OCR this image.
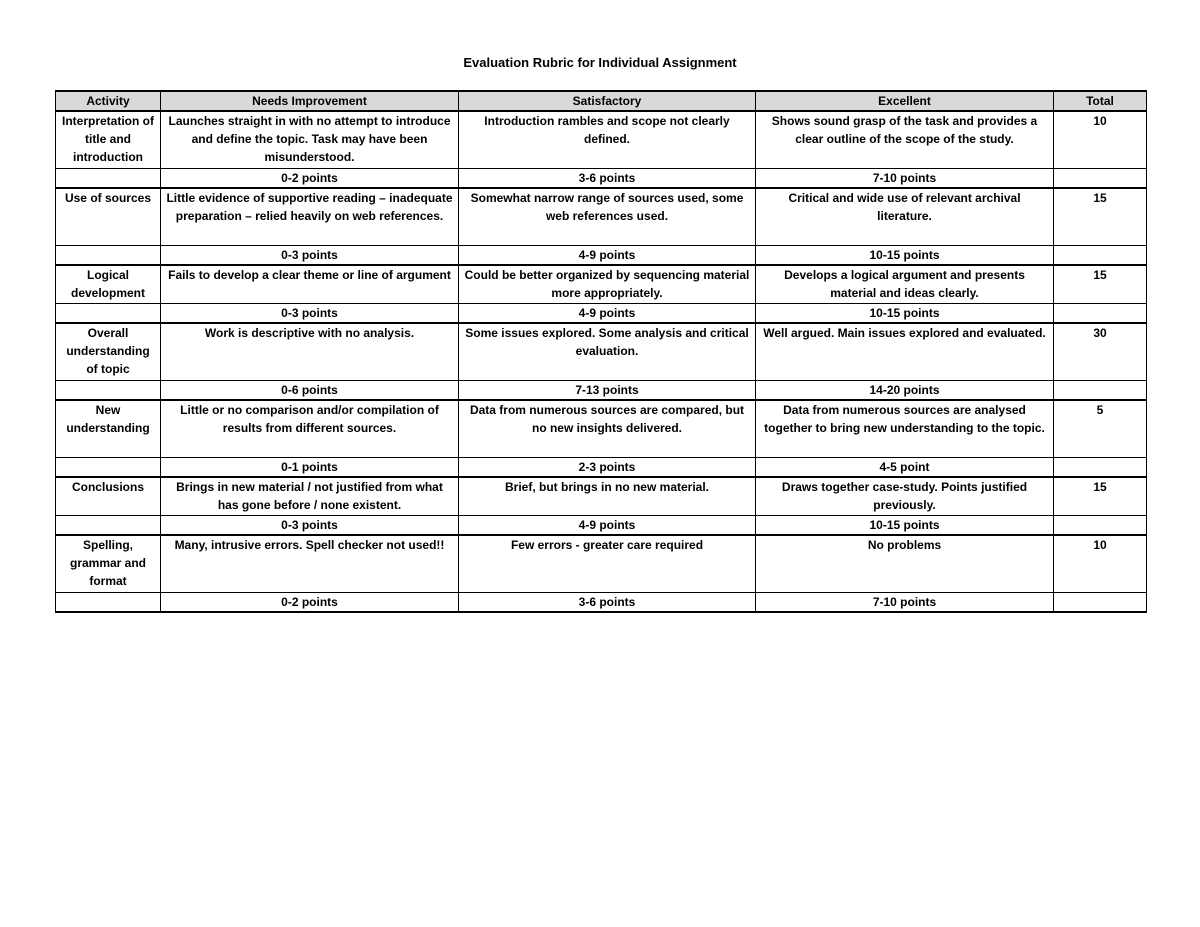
Evaluation Rubric for Individual Assignment
Activity	Needs Improvement	Satisfactory	Excellent	Total
Interpretation of title and introduction	Launches straight in with no attempt to introduce and define the topic. Task may have been misunderstood.	Introduction rambles and scope not clearly defined.	Shows sound grasp of the task and provides a clear outline of the scope of the study.	10
	0-2 points	3-6 points	7-10 points	
Use of sources	Little evidence of supportive reading – inadequate preparation – relied heavily on web references.	Somewhat narrow range of sources used, some web references used.	Critical and wide use of relevant archival literature.	15
	0-3 points	4-9 points	10-15 points	
Logical development	Fails to develop a clear theme or line of argument	Could be better organized by sequencing material more appropriately.	Develops a logical argument and presents material and ideas clearly.	15
	0-3 points	4-9 points	10-15 points	
Overall understanding of topic	Work is descriptive with no analysis.	Some issues explored. Some analysis and critical evaluation.	Well argued. Main issues explored and evaluated.	30
	0-6 points	7-13 points	14-20 points	
New understanding	Little or no comparison and/or compilation of results from different sources.	Data from numerous sources are compared, but no new insights delivered.	Data from numerous sources are analysed together to bring new understanding to the topic.	5
	0-1 points	2-3 points	4-5 point	
Conclusions	Brings in new material / not justified from what has gone before / none existent.	Brief, but brings in no new material.	Draws together case-study. Points justified previously.	15
	0-3 points	4-9 points	10-15 points	
Spelling, grammar and format	Many, intrusive errors. Spell checker not used!!	Few errors - greater care required	No problems	10
	0-2 points	3-6 points	7-10 points	
